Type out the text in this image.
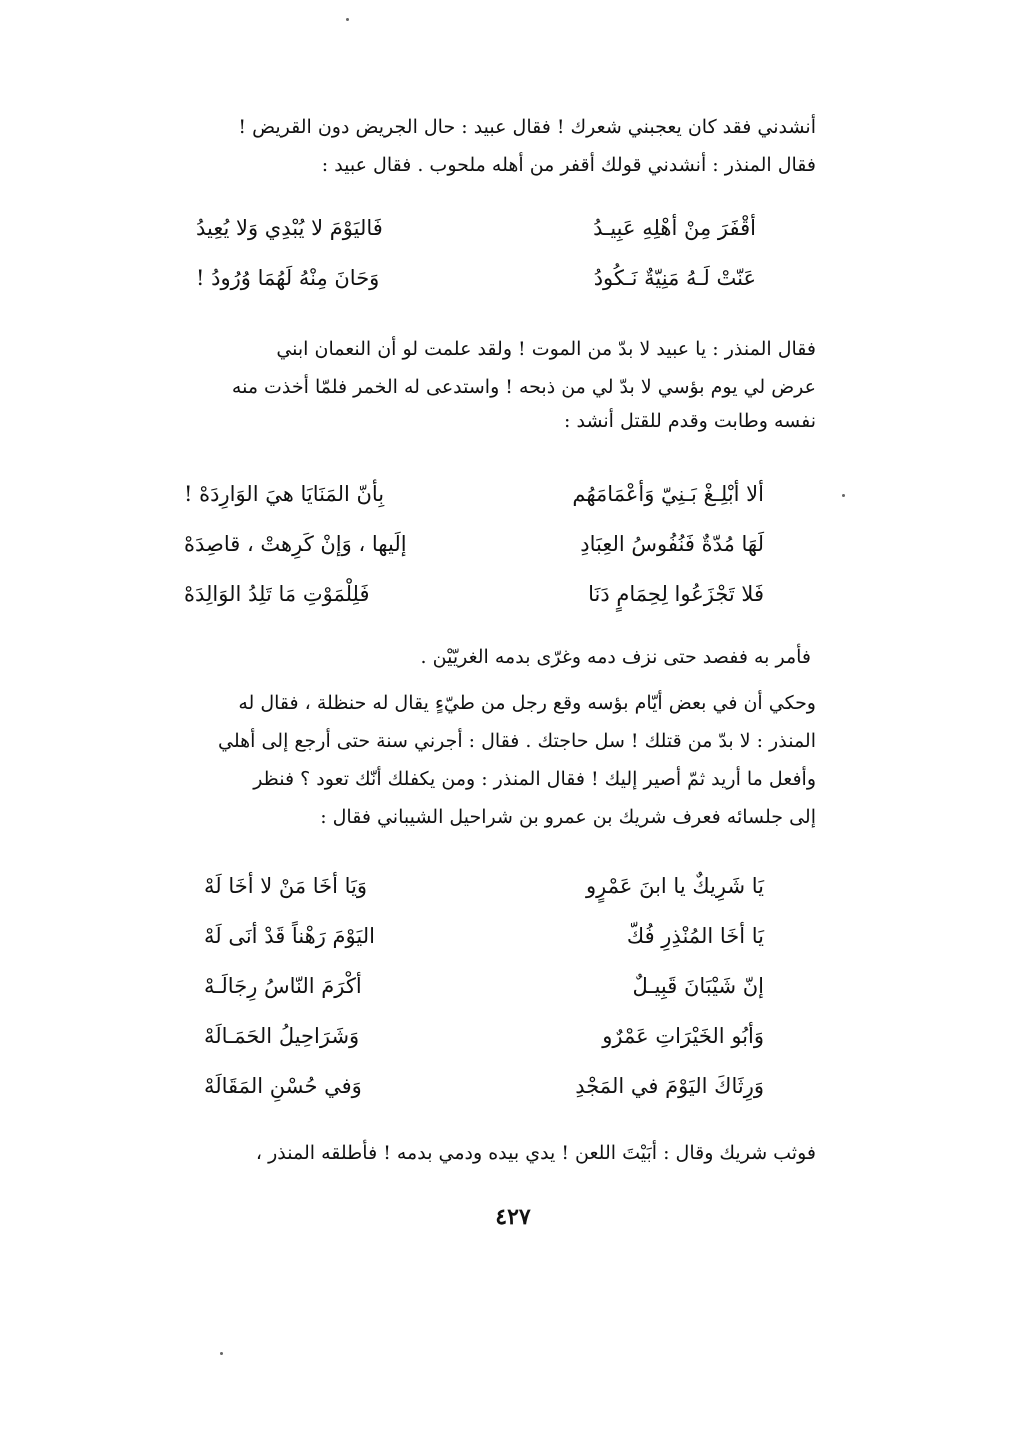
أنشدني فقد كان يعجبني شعرك ! فقال عبيد : حال الجريض دون القريض !
فقال المنذر : أنشدني قولك أقفر من أهله ملحوب . فقال عبيد :
أقْفَرَ مِنْ أهْلِهِ عَبِيـدُ
فَاليَوْمَ لا يُبْدِي وَلا يُعِيدُ
عَنّتْ لَـهُ مَنِيّةٌ نَـكُودُ
وَحَانَ مِنْهُ لَهُمَا وُرُودُ !
فقال المنذر : يا عبيد لا بدّ من الموت ! ولقد علمت لو أن النعمان ابني
عرض لي يوم بؤسي لا بدّ لي من ذبحه ! واستدعى له الخمر فلمّا أخذت منه
نفسه وطابت وقدم للقتل أنشد :
ألا أبْلِـغْ بَـنِيّ وَأعْمَامَهُم
بِأنّ المَنَايَا هيَ الوَارِدَهْ !
لَهَا مُدّةٌ فَنُفُوسُ العِبَادِ
إلَيها ، وَإنْ كَرِهتْ ، قاصِدَهْ
فَلا تَجْزَعُوا لِحِمَامٍ دَنَا
فَلِلْمَوْتِ مَا تَلِدُ الوَالِدَهْ
فأمر به ففصد حتى نزف دمه وغرّى بدمه الغريّيْن .
وحكي أن في بعض أيّام بؤسه وقع رجل من طيّءٍ يقال له حنظلة ، فقال له
المنذر : لا بدّ من قتلك ! سل حاجتك . فقال : أجرني سنة حتى أرجع إلى أهلي
وأفعل ما أريد ثمّ أصير إليك ! فقال المنذر : ومن يكفلك أنّك تعود ؟ فنظر
إلى جلسائه فعرف شريك بن عمرو بن شراحيل الشيباني فقال :
يَا شَرِيكٌ يا ابنَ عَمْرٍو
وَيَا أخَا مَنْ لا أخَا لَهْ
يَا أخَا المُنْذِرِ فُكّ
اليَوْمَ رَهْناً قَدْ أنَى لَهْ
إنّ شَيْبَانَ قَبِيـلٌ
أكْرَمَ النّاسُ رِجَالَـهْ
وَأبُو الخَيْرَاتِ عَمْرٌو
وَشَرَاحِيلُ الحَمَـالَهْ
وَرِثَاكَ اليَوْمَ في المَجْدِ
وَفي حُسْنِ المَقَالَهْ
فوثب شريك وقال : أبَيْتَ اللعن ! يدي بيده ودمي بدمه ! فأطلقه المنذر ،
٤٢٧
